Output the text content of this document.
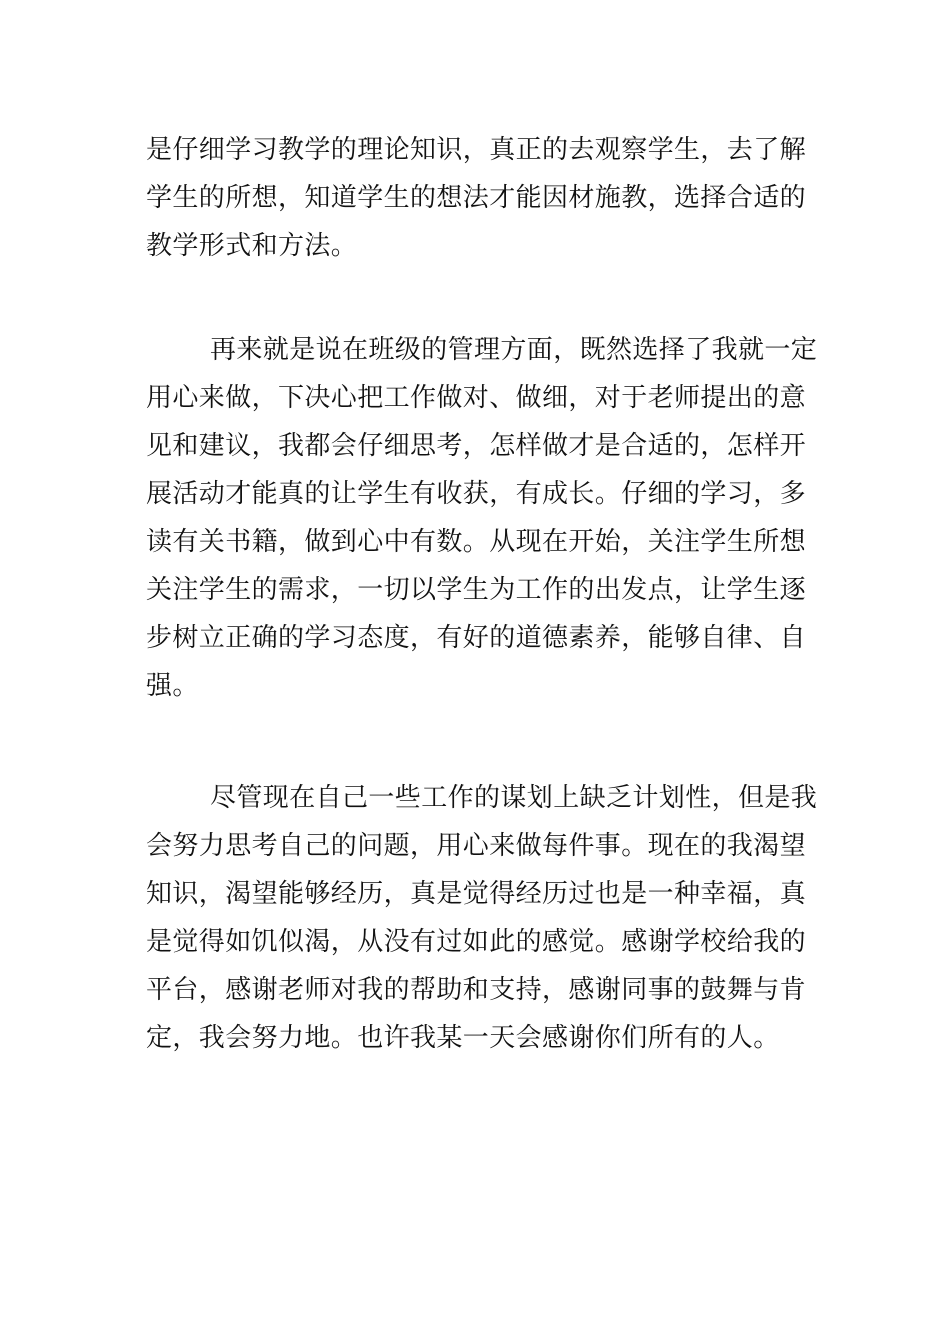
是仔细学习教学的理论知识，真正的去观察学生，去了解
学生的所想，知道学生的想法才能因材施教，选择合适的
教学形式和方法。
再来就是说在班级的管理方面，既然选择了我就一定
用心来做，下决心把工作做对、做细，对于老师提出的意
见和建议，我都会仔细思考，怎样做才是合适的，怎样开
展活动才能真的让学生有收获，有成长。仔细的学习，多
读有关书籍，做到心中有数。从现在开始，关注学生所想
关注学生的需求，一切以学生为工作的出发点，让学生逐
步树立正确的学习态度，有好的道德素养，能够自律、自
强。
尽管现在自己一些工作的谋划上缺乏计划性，但是我
会努力思考自己的问题，用心来做每件事。现在的我渴望
知识，渴望能够经历，真是觉得经历过也是一种幸福，真
是觉得如饥似渴，从没有过如此的感觉。感谢学校给我的
平台，感谢老师对我的帮助和支持，感谢同事的鼓舞与肯
定，我会努力地。也许我某一天会感谢你们所有的人。
